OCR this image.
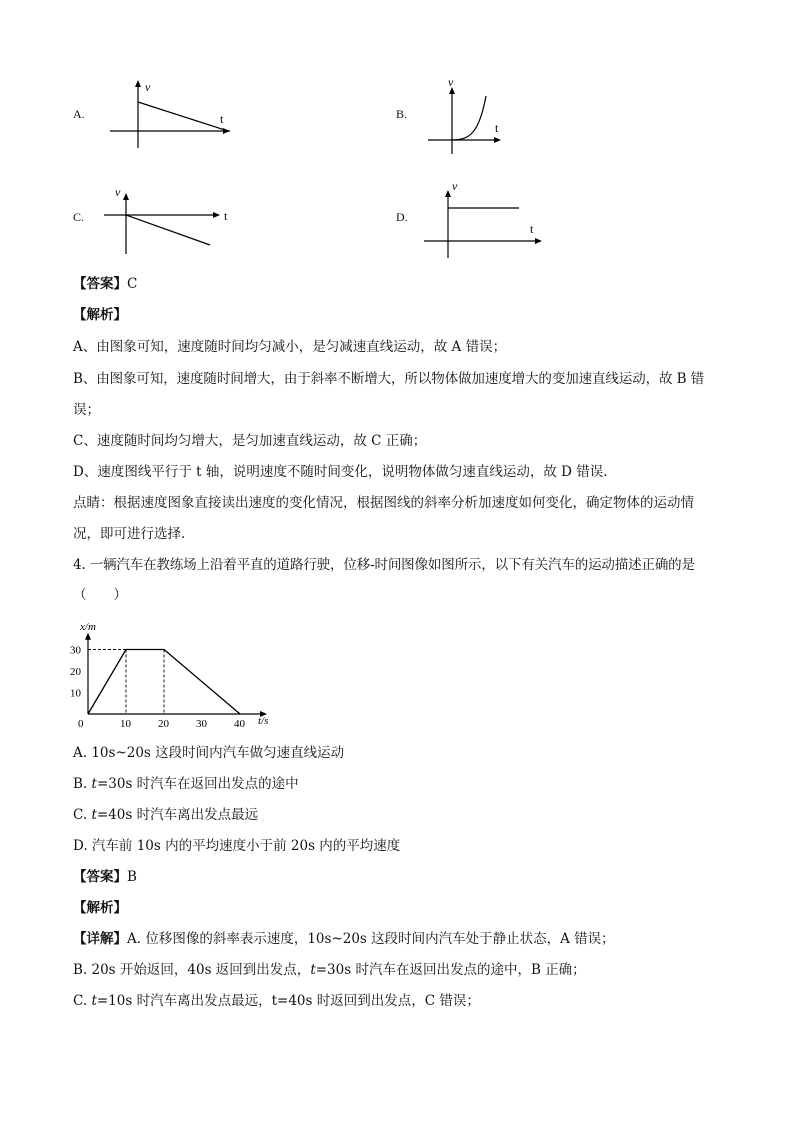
A.
v
t	B.
v
t
C.
v
t	D.
v
t
【答案】C
【解析】
A、由图象可知，速度随时间均匀减小，是匀减速直线运动，故 A 错误；
B、由图象可知，速度随时间增大，由于斜率不断增大，所以物体做加速度增大的变加速直线运动，故 B 错
误；
C、速度随时间均匀增大，是匀加速直线运动，故 C 正确；
D、速度图线平行于 t 轴，说明速度不随时间变化，说明物体做匀速直线运动，故 D 错误.
点睛：根据速度图象直接读出速度的变化情况，根据图线的斜率分析加速度如何变化，确定物体的运动情
况，即可进行选择.
4. 一辆汽车在教练场上沿着平直的道路行驶，位移-时间图像如图所示，以下有关汽车的运动描述正确的是
（　　）
0	10 20 30 40
10
20
30
x/m
t/s
A. 10s~20s 这段时间内汽车做匀速直线运动
B. t=30s 时汽车在返回出发点的途中
C. t=40s 时汽车离出发点最远
D. 汽车前 10s 内的平均速度小于前 20s 内的平均速度
【答案】B
【解析】
【详解】A. 位移图像的斜率表示速度，10s~20s 这段时间内汽车处于静止状态，A 错误；
B. 20s 开始返回，40s 返回到出发点，t=30s 时汽车在返回出发点的途中，B 正确；
C. t=10s 时汽车离出发点最远，t=40s 时返回到出发点，C 错误；
